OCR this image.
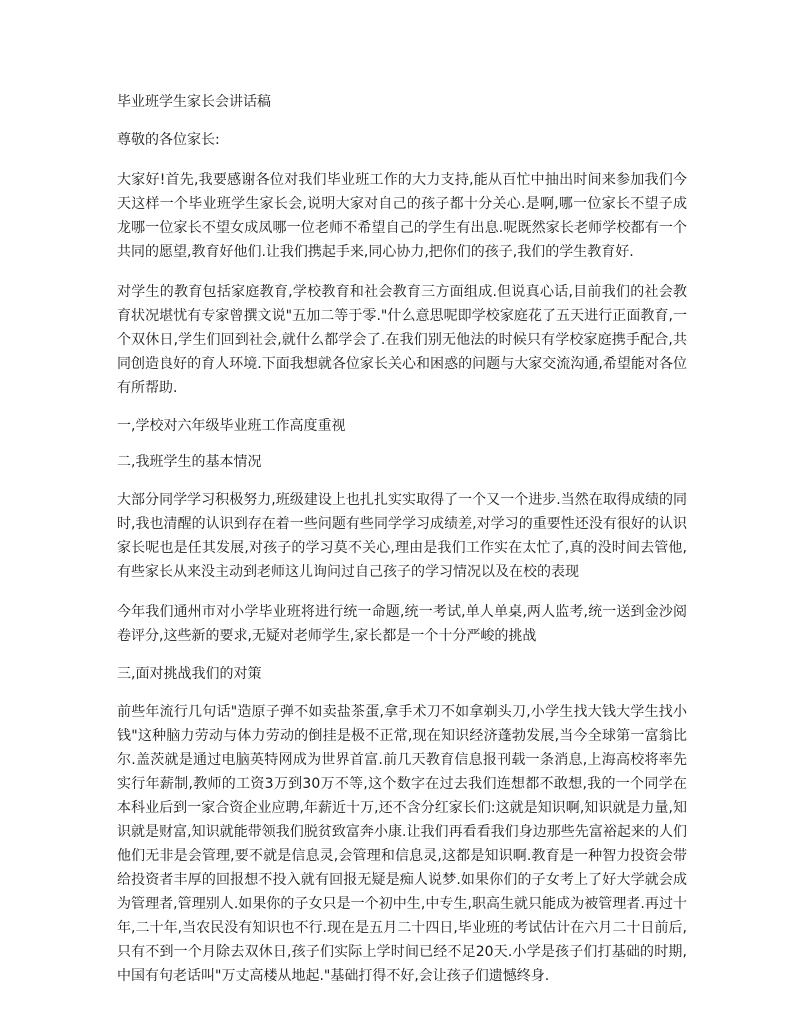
毕业班学生家长会讲话稿
尊敬的各位家长:

大家好!首先,我要感谢各位对我们毕业班工作的大力支持,能从百忙中抽出时间来参加我们今天这样一个毕业班学生家长会,说明大家对自己的孩子都十分关心.是啊,哪一位家长不望子成龙哪一位家长不望女成凤哪一位老师不希望自己的学生有出息.呢既然家长老师学校都有一个共同的愿望,教育好他们.让我们携起手来,同心协力,把你们的孩子,我们的学生教育好.

对学生的教育包括家庭教育,学校教育和社会教育三方面组成.但说真心话,目前我们的社会教育状况堪忧有专家曾撰文说"五加二等于零."什么意思呢即学校家庭花了五天进行正面教育,一个双休日,学生们回到社会,就什么都学会了.在我们别无他法的时候只有学校家庭携手配合,共同创造良好的育人环境.下面我想就各位家长关心和困惑的问题与大家交流沟通,希望能对各位有所帮助.

一,学校对六年级毕业班工作高度重视
二,我班学生的基本情况

大部分同学学习积极努力,班级建设上也扎扎实实取得了一个又一个进步.当然在取得成绩的同时,我也清醒的认识到存在着一些问题有些同学学习成绩差,对学习的重要性还没有很好的认识家长呢也是任其发展,对孩子的学习莫不关心,理由是我们工作实在太忙了,真的没时间去管他,有些家长从来没主动到老师这儿询问过自己孩子的学习情况以及在校的表现

今年我们通州市对小学毕业班将进行统一命题,统一考试,单人单桌,两人监考,统一送到金沙阅卷评分,这些新的要求,无疑对老师学生,家长都是一个十分严峻的挑战

三,面对挑战我们的对策

前些年流行几句话"造原子弹不如卖盐茶蛋,拿手术刀不如拿剃头刀,小学生找大钱大学生找小钱"这种脑力劳动与体力劳动的倒挂是极不正常,现在知识经济蓬勃发展,当今全球第一富翁比尔.盖茨就是通过电脑英特网成为世界首富.前几天教育信息报刊载一条消息,上海高校将率先实行年薪制,教师的工资3万到30万不等,这个数字在过去我们连想都不敢想,我的一个同学在本科业后到一家合资企业应聘,年薪近十万,还不含分红家长们:这就是知识啊,知识就是力量,知识就是财富,知识就能带领我们脱贫致富奔小康.让我们再看看我们身边那些先富裕起来的人们他们无非是会管理,要不就是信息灵,会管理和信息灵,这都是知识啊.教育是一种智力投资会带给投资者丰厚的回报想不投入就有回报无疑是痴人说梦.如果你们的子女考上了好大学就会成为管理者,管理别人.如果你的子女只是一个初中生,中专生,职高生就只能成为被管理者.再过十年,二十年,当农民没有知识也不行.现在是五月二十四日,毕业班的考试估计在六月二十日前后,只有不到一个月除去双休日,孩子们实际上学时间已经不足20天.小学是孩子们打基础的时期,中国有句老话叫"万丈高楼从地起."基础打得不好,会让孩子们遗憾终身.
